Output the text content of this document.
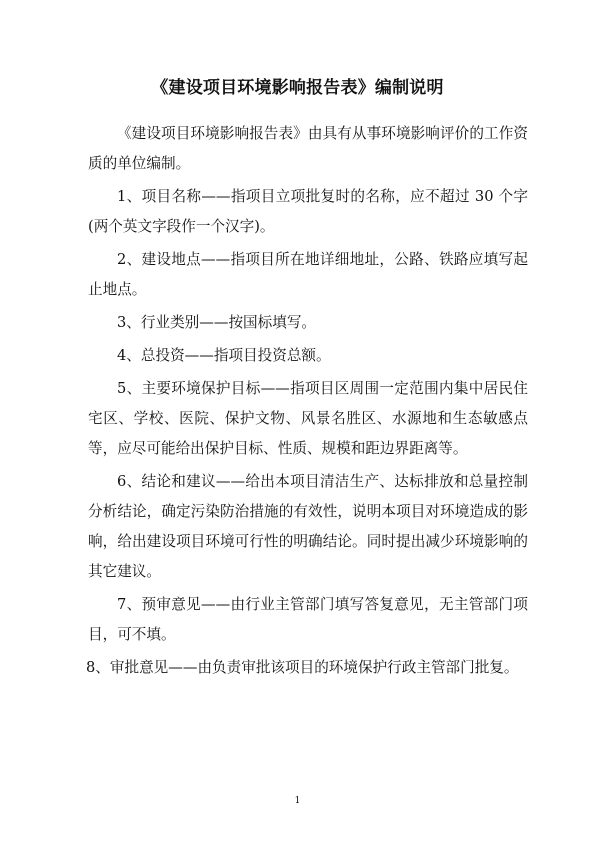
《建设项目环境影响报告表》编制说明

《建设项目环境影响报告表》由具有从事环境影响评价的工作资质的单位编制。

1、项目名称——指项目立项批复时的名称，应不超过 30 个字(两个英文字段作一个汉字)。

2、建设地点——指项目所在地详细地址，公路、铁路应填写起止地点。

3、行业类别——按国标填写。

4、总投资——指项目投资总额。

5、主要环境保护目标——指项目区周围一定范围内集中居民住宅区、学校、医院、保护文物、风景名胜区、水源地和生态敏感点等，应尽可能给出保护目标、性质、规模和距边界距离等。

6、结论和建议——给出本项目清洁生产、达标排放和总量控制分析结论，确定污染防治措施的有效性，说明本项目对环境造成的影响，给出建设项目环境可行性的明确结论。同时提出减少环境影响的其它建议。

7、预审意见——由行业主管部门填写答复意见，无主管部门项目，可不填。

8、审批意见——由负责审批该项目的环境保护行政主管部门批复。

1
